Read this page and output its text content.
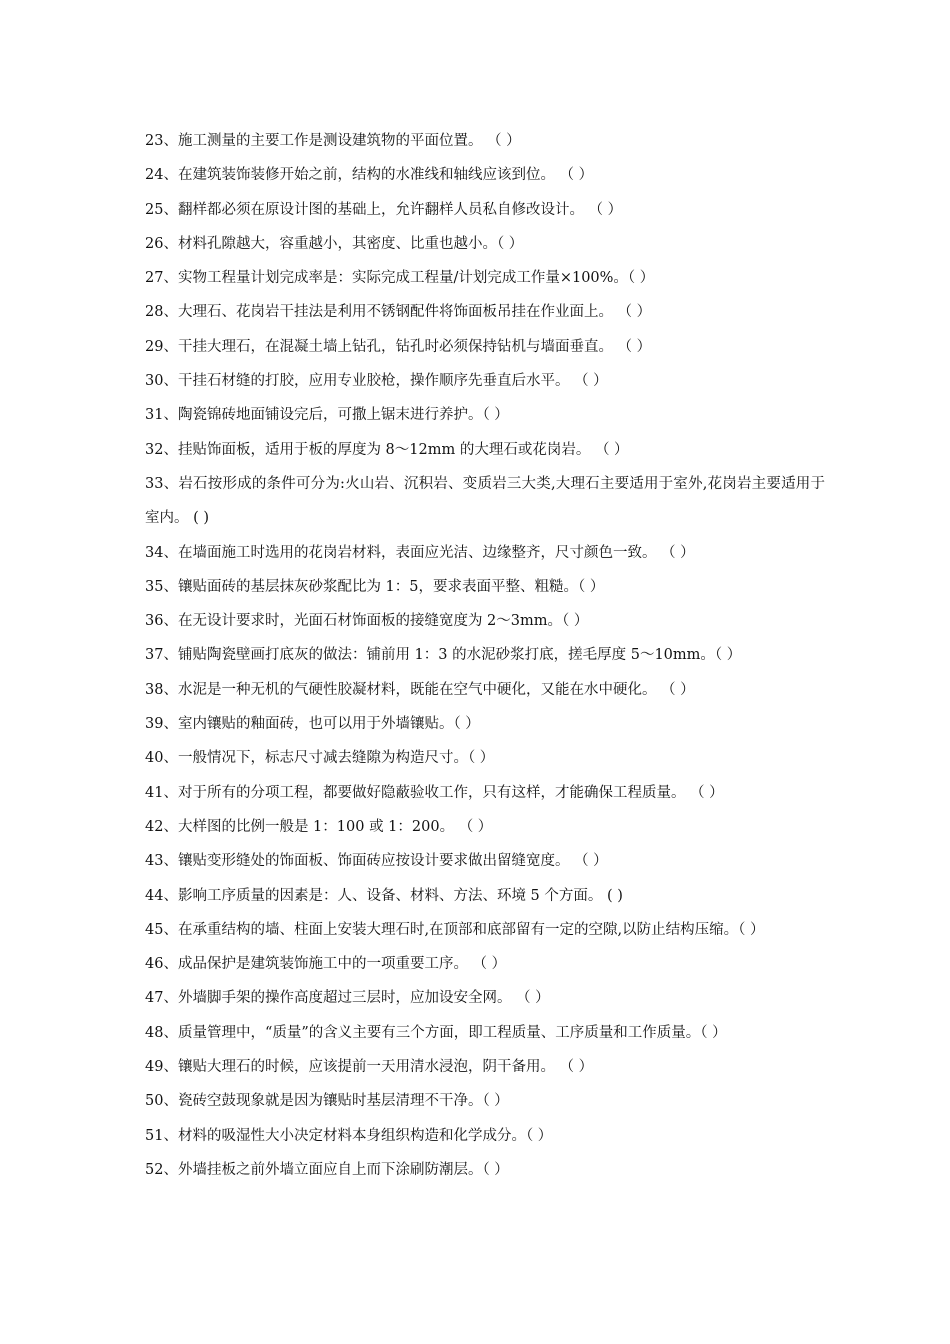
23、施工测量的主要工作是测设建筑物的平面位置。 （ ）
24、在建筑装饰装修开始之前，结构的水准线和轴线应该到位。 （ ）
25、翻样都必须在原设计图的基础上，允许翻样人员私自修改设计。 （ ）
26、材料孔隙越大，容重越小，其密度、比重也越小。（ ）
27、实物工程量计划完成率是：实际完成工程量/计划完成工作量×100%。（ ）
28、大理石、花岗岩干挂法是利用不锈钢配件将饰面板吊挂在作业面上。 （ ）
29、干挂大理石，在混凝土墙上钻孔，钻孔时必须保持钻机与墙面垂直。 （ ）
30、干挂石材缝的打胶，应用专业胶枪，操作顺序先垂直后水平。 （ ）
31、陶瓷锦砖地面铺设完后，可撒上锯末进行养护。（ ）
32、挂贴饰面板，适用于板的厚度为 8～12mm 的大理石或花岗岩。 （ ）
33、岩石按形成的条件可分为:火山岩、沉积岩、变质岩三大类,大理石主要适用于室外,花岗岩主要适用于室内。 ( )
34、在墙面施工时选用的花岗岩材料，表面应光洁、边缘整齐，尺寸颜色一致。 （ ）
35、镶贴面砖的基层抹灰砂浆配比为 1：5，要求表面平整、粗糙。（ ）
36、在无设计要求时，光面石材饰面板的接缝宽度为 2～3mm。（ ）
37、铺贴陶瓷壁画打底灰的做法：铺前用 1：3 的水泥砂浆打底，搓毛厚度 5～10mm。（ ）
38、水泥是一种无机的气硬性胶凝材料，既能在空气中硬化，又能在水中硬化。 （ ）
39、室内镶贴的釉面砖，也可以用于外墙镶贴。（ ）
40、一般情况下，标志尺寸减去缝隙为构造尺寸。（ ）
41、对于所有的分项工程，都要做好隐蔽验收工作，只有这样，才能确保工程质量。 （ ）
42、大样图的比例一般是 1：100 或 1：200。 （ ）
43、镶贴变形缝处的饰面板、饰面砖应按设计要求做出留缝宽度。 （ ）
44、影响工序质量的因素是：人、设备、材料、方法、环境 5 个方面。 ( )
45、在承重结构的墙、柱面上安装大理石时,在顶部和底部留有一定的空隙,以防止结构压缩。（ ）
46、成品保护是建筑装饰施工中的一项重要工序。 （ ）
47、外墙脚手架的操作高度超过三层时，应加设安全网。 （ ）
48、质量管理中，“质量”的含义主要有三个方面，即工程质量、工序质量和工作质量。（ ）
49、镶贴大理石的时候，应该提前一天用清水浸泡，阴干备用。 （ ）
50、瓷砖空鼓现象就是因为镶贴时基层清理不干净。（ ）
51、材料的吸湿性大小决定材料本身组织构造和化学成分。（ ）
52、外墙挂板之前外墙立面应自上而下涂刷防潮层。（ ）
